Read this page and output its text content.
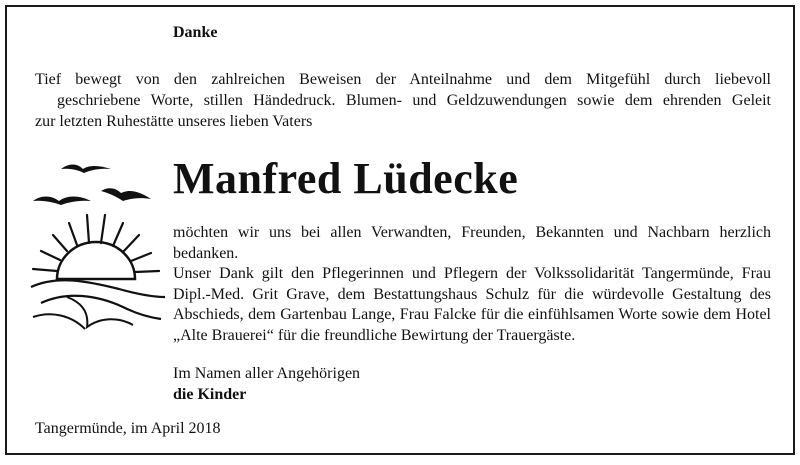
Danke

Tief bewegt von den zahlreichen Beweisen der Anteilnahme und dem Mitgefühl durch liebevoll

geschriebene Worte, stillen Händedruck. Blumen- und Geldzuwendungen sowie dem ehrenden Geleit

zur letzten Ruhestätte unseres lieben Vaters

Manfred Lüdecke

möchten wir uns bei allen Verwandten, Freunden, Bekannten und Nachbarn herzlich bedanken.

Unser Dank gilt den Pflegerinnen und Pflegern der Volkssolidarität Tangermünde, Frau Dipl.-Med. Grit Grave, dem Bestattungshaus Schulz für die würdevolle Gestaltung des Abschieds, dem Gartenbau Lange, Frau Falcke für die einfühlsamen Worte sowie dem Hotel „Alte Brauerei“ für die freundliche Bewirtung der Trauergäste.

Im Namen aller Angehörigen
die Kinder
Tangermünde, im April 2018
